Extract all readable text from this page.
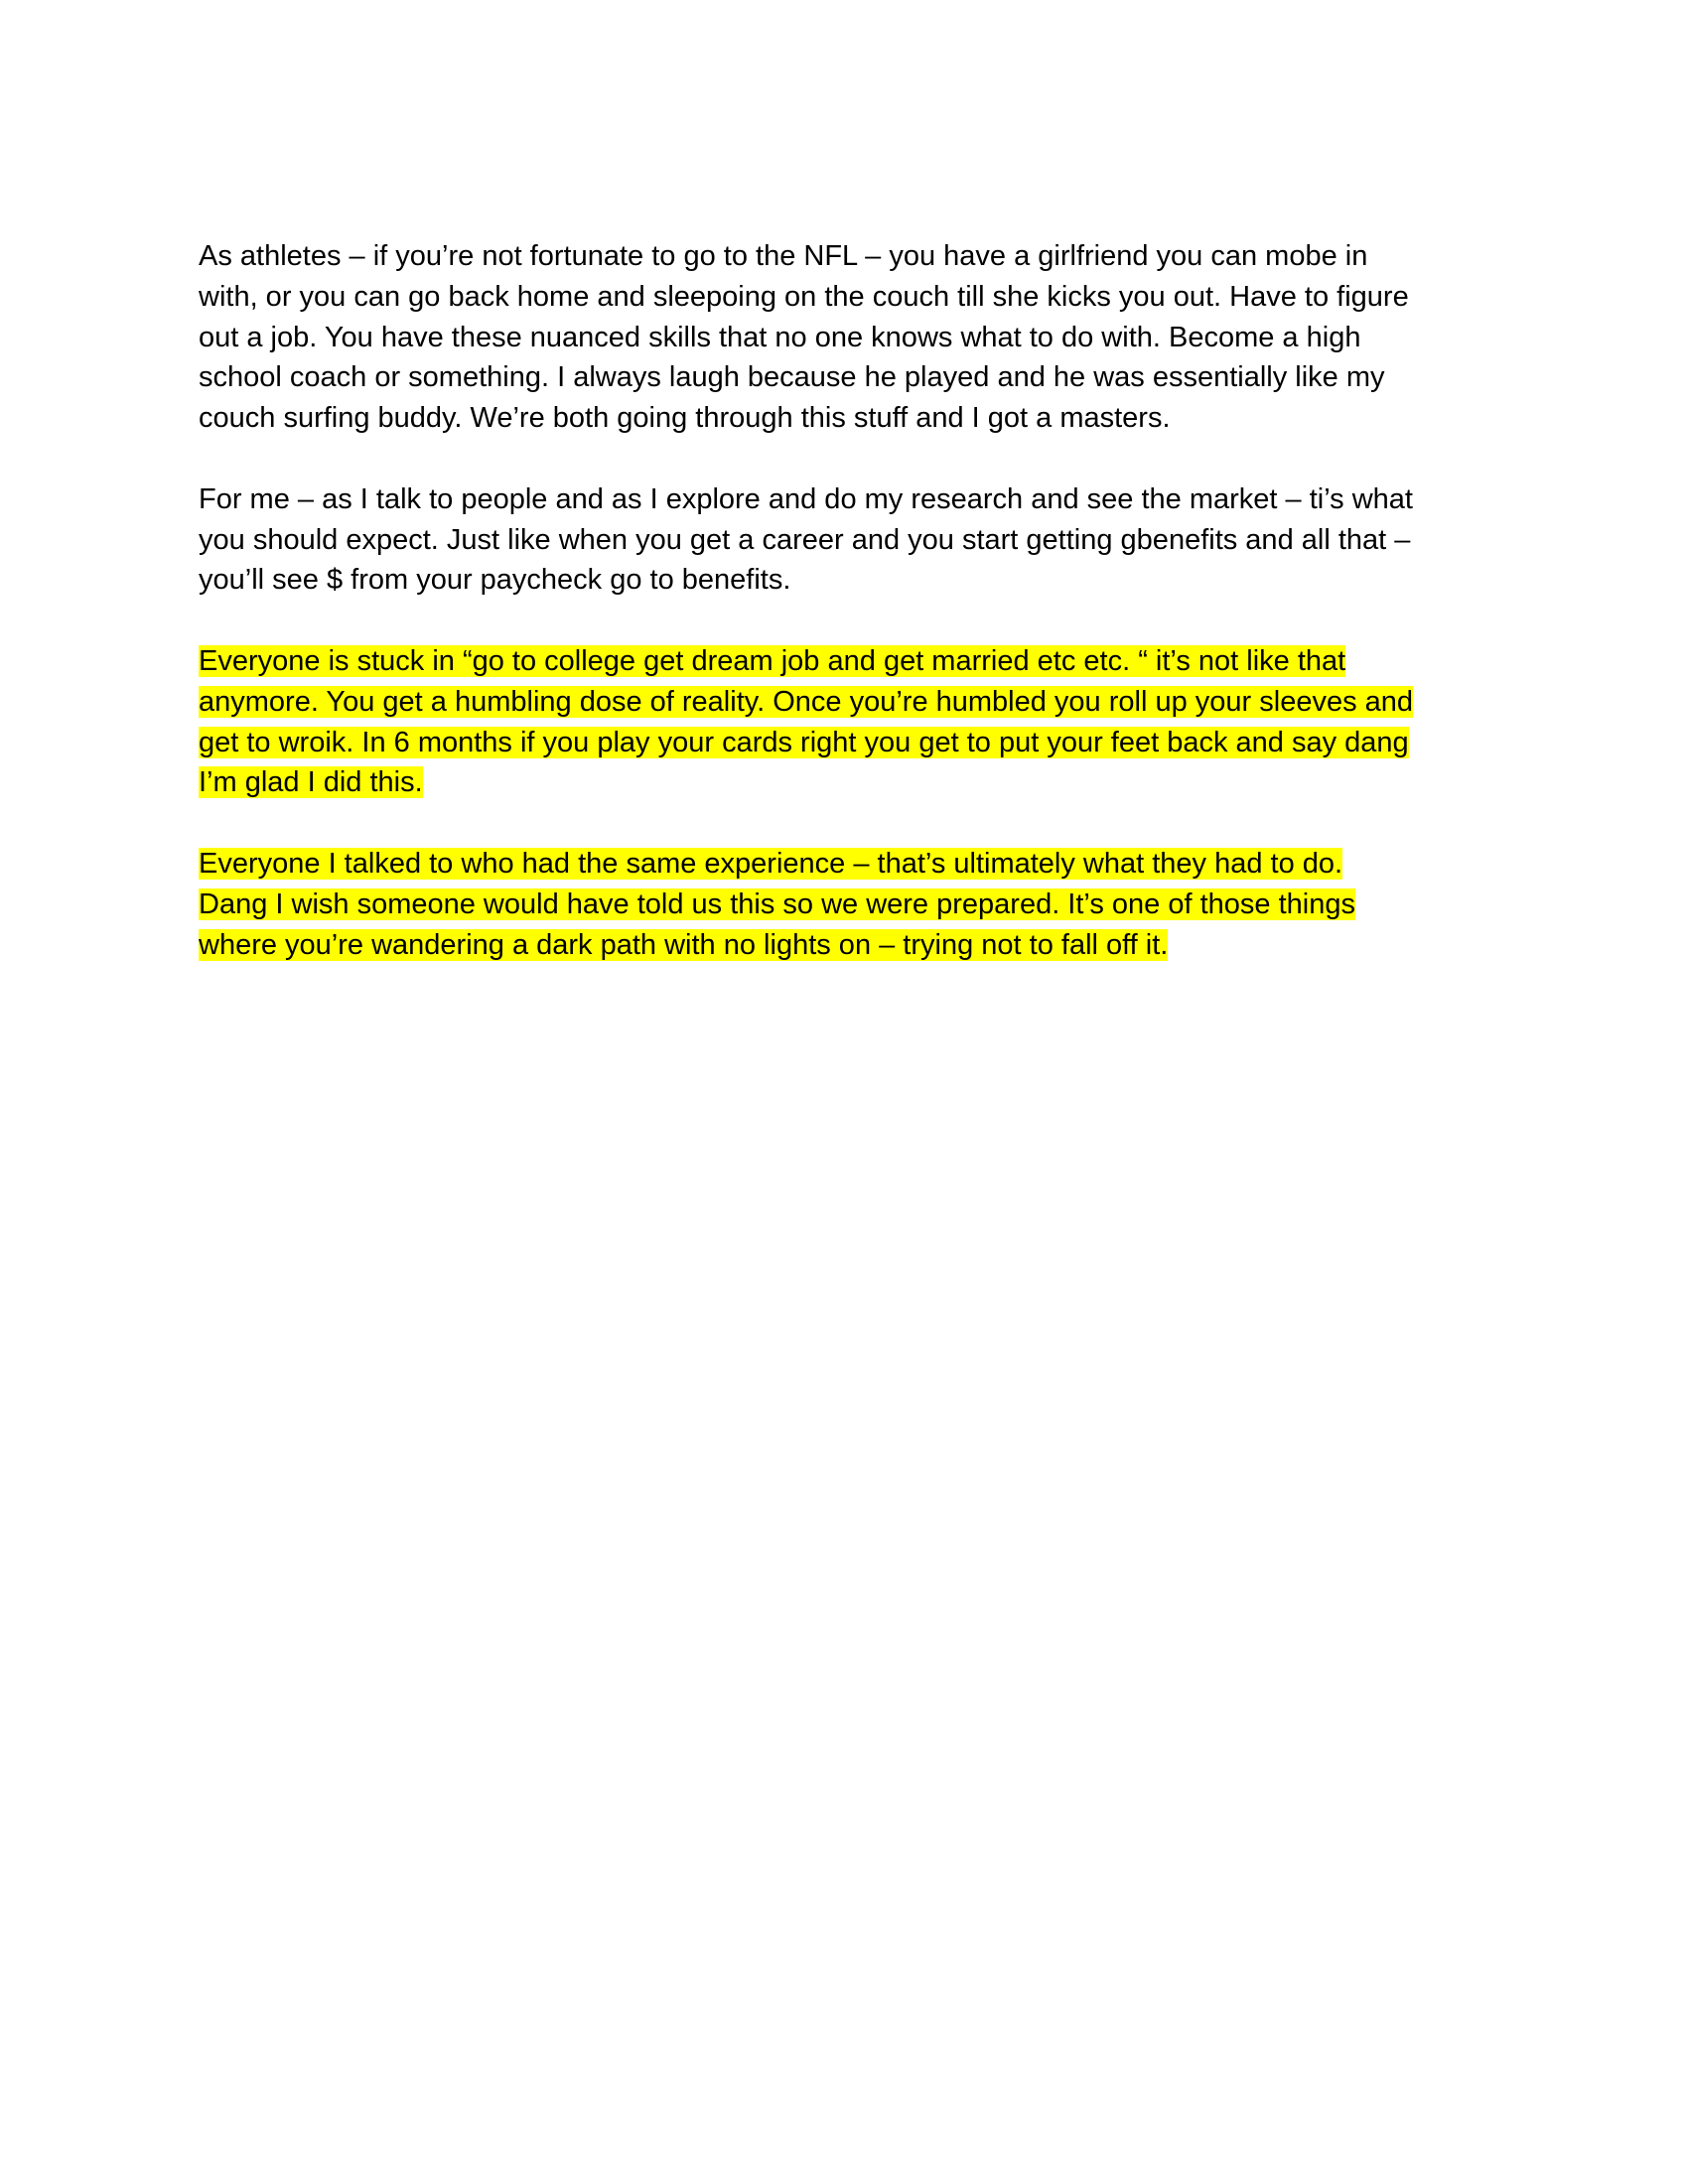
As athletes – if you’re not fortunate to go to the NFL – you have a girlfriend you can mobe in
with, or you can go back home and sleepoing on the couch till she kicks you out. Have to figure
out a job. You have these nuanced skills that no one knows what to do with. Become a high
school coach or something. I always laugh because he played and he was essentially like my
couch surfing buddy. We’re both going through this stuff and I got a masters.

For me – as I talk to people and as I explore and do my research and see the market – ti’s what
you should expect. Just like when you get a career and you start getting gbenefits and all that –
you’ll see $ from your paycheck go to benefits.

Everyone is stuck in “go to college get dream job and get married etc etc. “ it’s not like that
anymore. You get a humbling dose of reality. Once you’re humbled you roll up your sleeves and
get to wroik. In 6 months if you play your cards right you get to put your feet back and say dang
I’m glad I did this.

Everyone I talked to who had the same experience – that’s ultimately what they had to do.
Dang I wish someone would have told us this so we were prepared. It’s one of those things
where you’re wandering a dark path with no lights on – trying not to fall off it.
